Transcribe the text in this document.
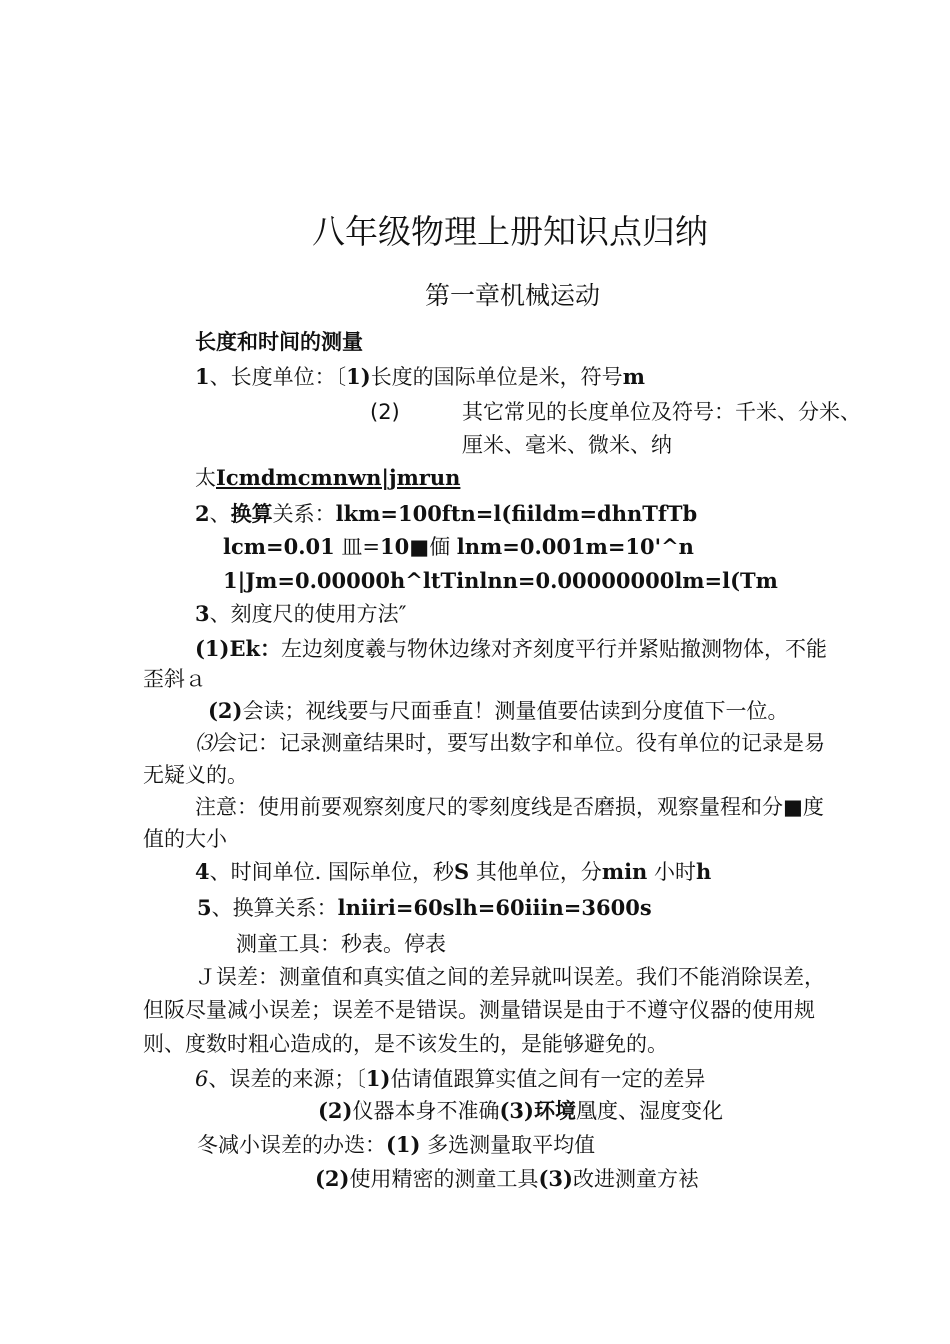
八年级物理上册知识点归纳
第一章机械运动
长度和时间的测量
1、长度单位：〔1)长度的国际单位是米，符号m
(2)	其它常见的长度单位及符号：千米、分米、
厘米、毫米、微米、纳
太Icmdmcmnwn|jmrun
2、换算关系：lkm=100ftn=l(fiildm=dhnTfTb
lcm=0.01 皿=10■偭 lnm=0.001m=10'^n
1|Jm=0.00000h^ltTinlnn=0.00000000lm=l(Tm
3、刻度尺的使用方法″
(1)Ek：左边刻度羲与物休边缘对齐刻度平行并紧贴撤测物体，不能
歪斜ａ
(2)会读；视线要与尺面垂直！测量值要估读到分度值下一位。
⑶会记：记录测童结果时，要写出数字和单位。役有单位的记录是易
无疑义的。
注意：使用前要观察刻度尺的零刻度线是否磨损，观察量程和分■度
值的大小
4、时间单位. 国际单位，秒S 其他单位，分min 小时h
5、换算关系：lniiri=60slh=60iiin=3600s
测童工具：秒表。停表
Ｊ误差：测童值和真实值之间的差异就叫误差。我们不能消除误差，
但阪尽量减小误差；误差不是错误。测量错误是由于不遵守仪器的使用规
则、度数时粗心造成的，是不该发生的，是能够避免的。
6、误差的来源；〔1)估请值跟算实值之间有一定的差异
(2)仪器本身不准确(3)环境凰度、湿度变化
冬减小误差的办迭：(1) 多选测量取平均值
(2)使用精密的测童工具(3)改进测童方袪
